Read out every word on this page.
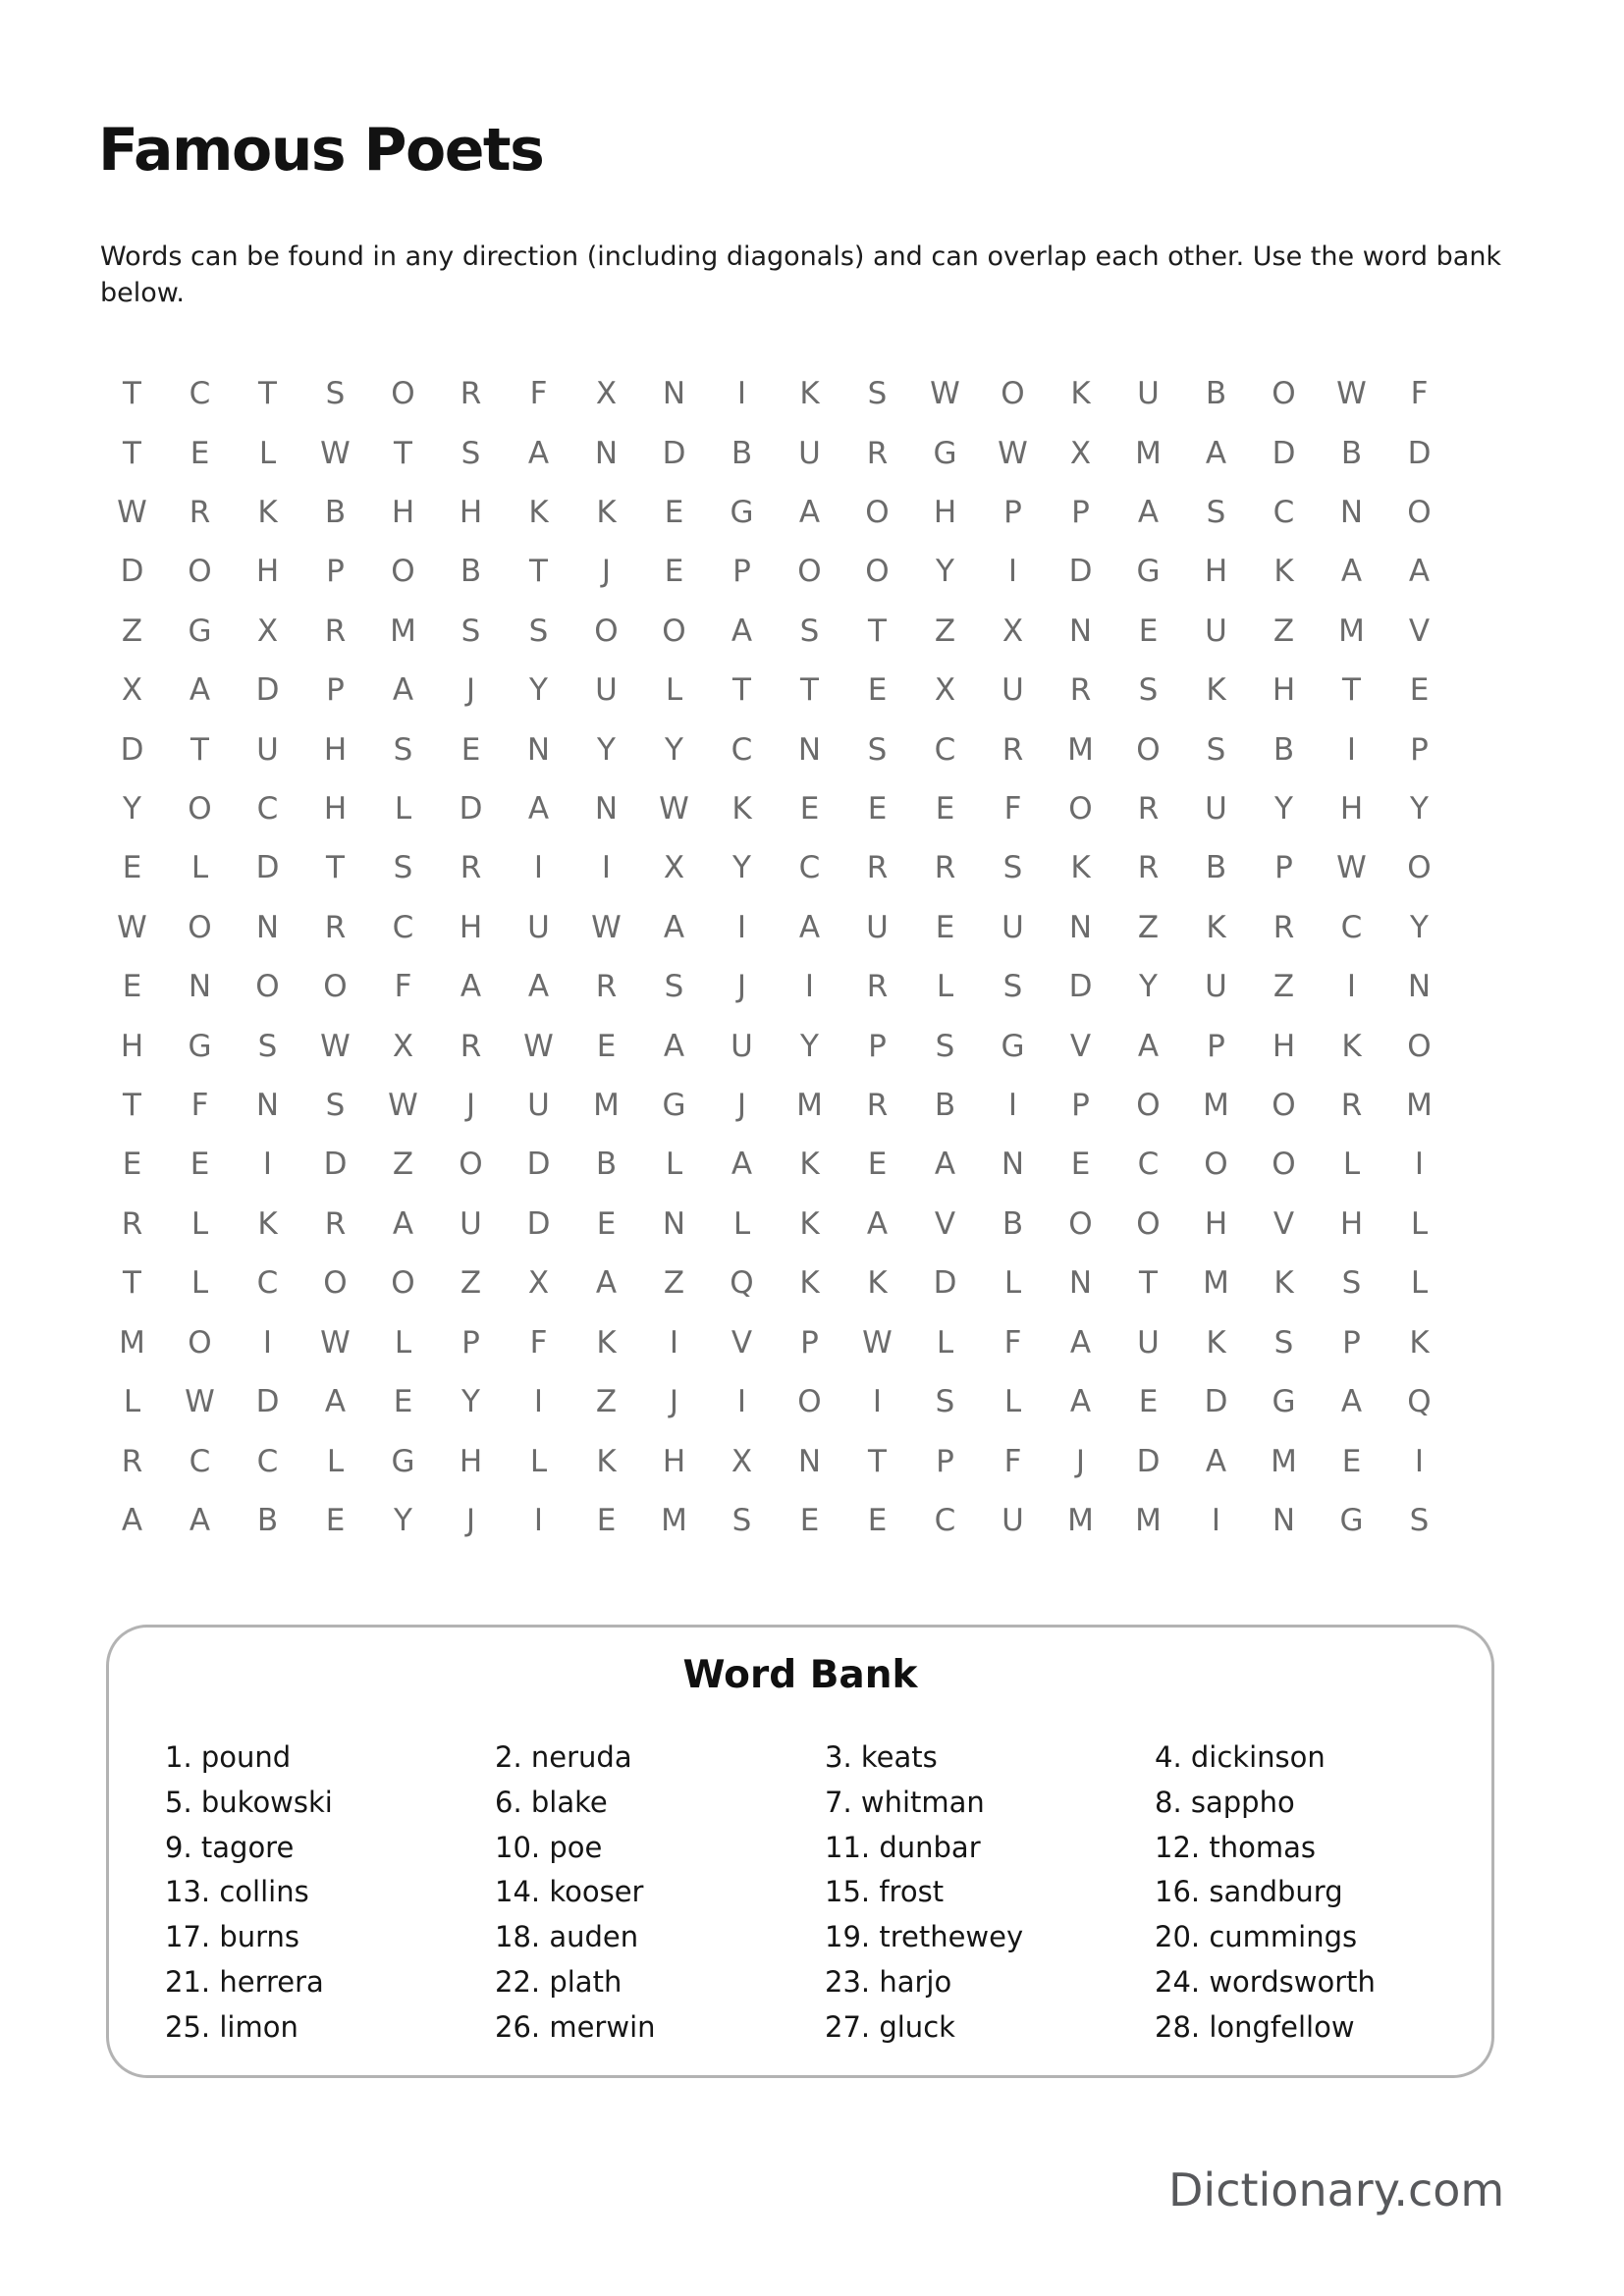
Famous Poets
Words can be found in any direction (including diagonals) and can overlap each other. Use the word bank
below.
T	C	T	S	O	R	F	X	N	I	K	S	W	O	K	U	B	O	W	F
T	E	L	W	T	S	A	N	D	B	U	R	G	W	X	M	A	D	B	D
W	R	K	B	H	H	K	K	E	G	A	O	H	P	P	A	S	C	N	O
D	O	H	P	O	B	T	J	E	P	O	O	Y	I	D	G	H	K	A	A
Z	G	X	R	M	S	S	O	O	A	S	T	Z	X	N	E	U	Z	M	V
X	A	D	P	A	J	Y	U	L	T	T	E	X	U	R	S	K	H	T	E
D	T	U	H	S	E	N	Y	Y	C	N	S	C	R	M	O	S	B	I	P
Y	O	C	H	L	D	A	N	W	K	E	E	E	F	O	R	U	Y	H	Y
E	L	D	T	S	R	I	I	X	Y	C	R	R	S	K	R	B	P	W	O
W	O	N	R	C	H	U	W	A	I	A	U	E	U	N	Z	K	R	C	Y
E	N	O	O	F	A	A	R	S	J	I	R	L	S	D	Y	U	Z	I	N
H	G	S	W	X	R	W	E	A	U	Y	P	S	G	V	A	P	H	K	O
T	F	N	S	W	J	U	M	G	J	M	R	B	I	P	O	M	O	R	M
E	E	I	D	Z	O	D	B	L	A	K	E	A	N	E	C	O	O	L	I
R	L	K	R	A	U	D	E	N	L	K	A	V	B	O	O	H	V	H	L
T	L	C	O	O	Z	X	A	Z	Q	K	K	D	L	N	T	M	K	S	L
M	O	I	W	L	P	F	K	I	V	P	W	L	F	A	U	K	S	P	K
L	W	D	A	E	Y	I	Z	J	I	O	I	S	L	A	E	D	G	A	Q
R	C	C	L	G	H	L	K	H	X	N	T	P	F	J	D	A	M	E	I
A	A	B	E	Y	J	I	E	M	S	E	E	C	U	M	M	I	N	G	S
Word Bank
1. pound	2. neruda	3. keats	4. dickinson
5. bukowski	6. blake	7. whitman	8. sappho
9. tagore	10. poe	11. dunbar	12. thomas
13. collins	14. kooser	15. frost	16. sandburg
17. burns	18. auden	19. trethewey	20. cummings
21. herrera	22. plath	23. harjo	24. wordsworth
25. limon	26. merwin	27. gluck	28. longfellow
Dictionary.com
